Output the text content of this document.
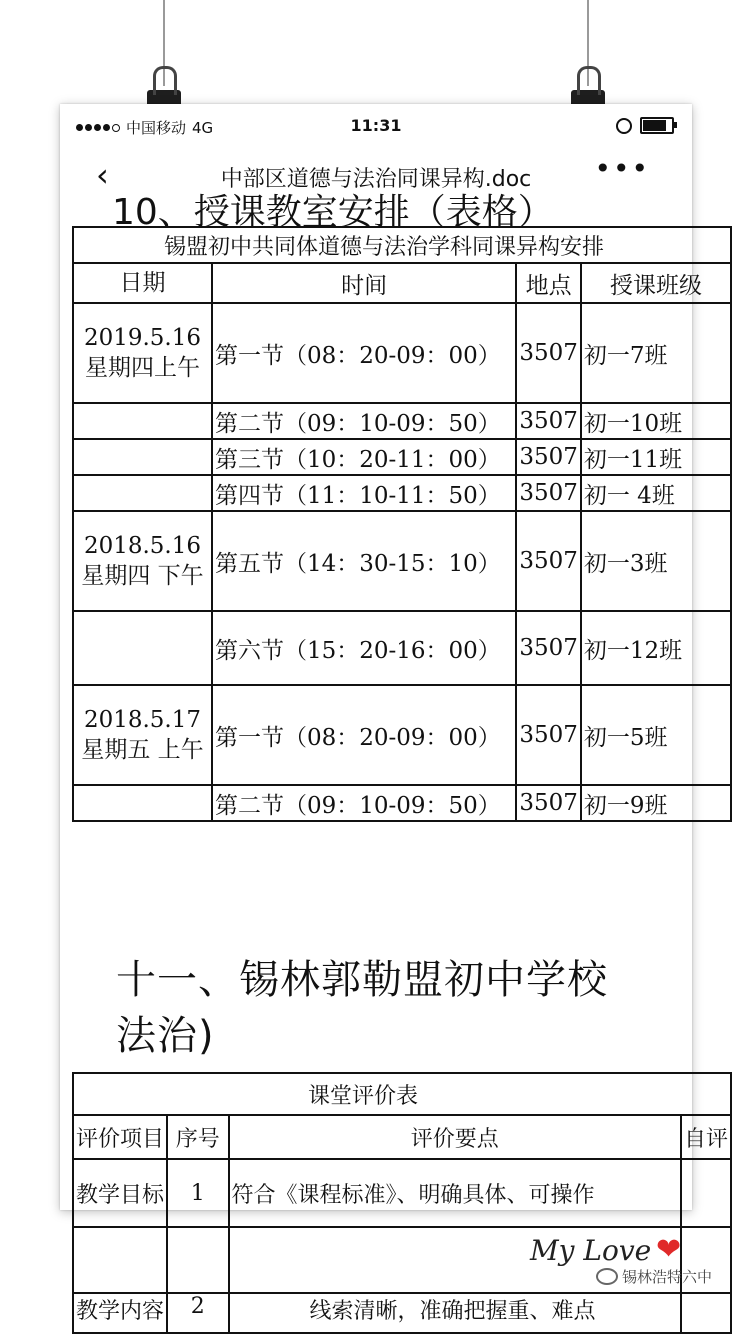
中国移动 4G	11:31
‹	中部区道德与法治同课异构.doc	•••
10、授课教室安排（表格）
锡盟初中共同体道德与法治学科同课异构安排			
日期	时间	地点	授课班级
2019.5.16 星期四上午	第一节（08：20-09：00）	3507	初一7班
	第二节（09：10-09：50）	3507	初一10班
	第三节（10：20-11：00）	3507	初一11班
	第四节（11：10-11：50）	3507	初一 4班
2018.5.16星期四 下午	第五节（14：30-15：10）	3507	初一3班
	第六节（15：20-16：00）	3507	初一12班
2018.5.17星期五 上午	第一节（08：20-09：00）	3507	初一5班
	第二节（09：10-09：50）	3507	初一9班
十一、锡林郭勒盟初中学校
法治)
课堂评价表			
评价项目	序号	评价要点	自评
教学目标	1	符合《课程标准》、明确具体、可操作	

教学内容	2	线索清晰，准确把握重、难点	
My Love ❤
锡林浩特六中
